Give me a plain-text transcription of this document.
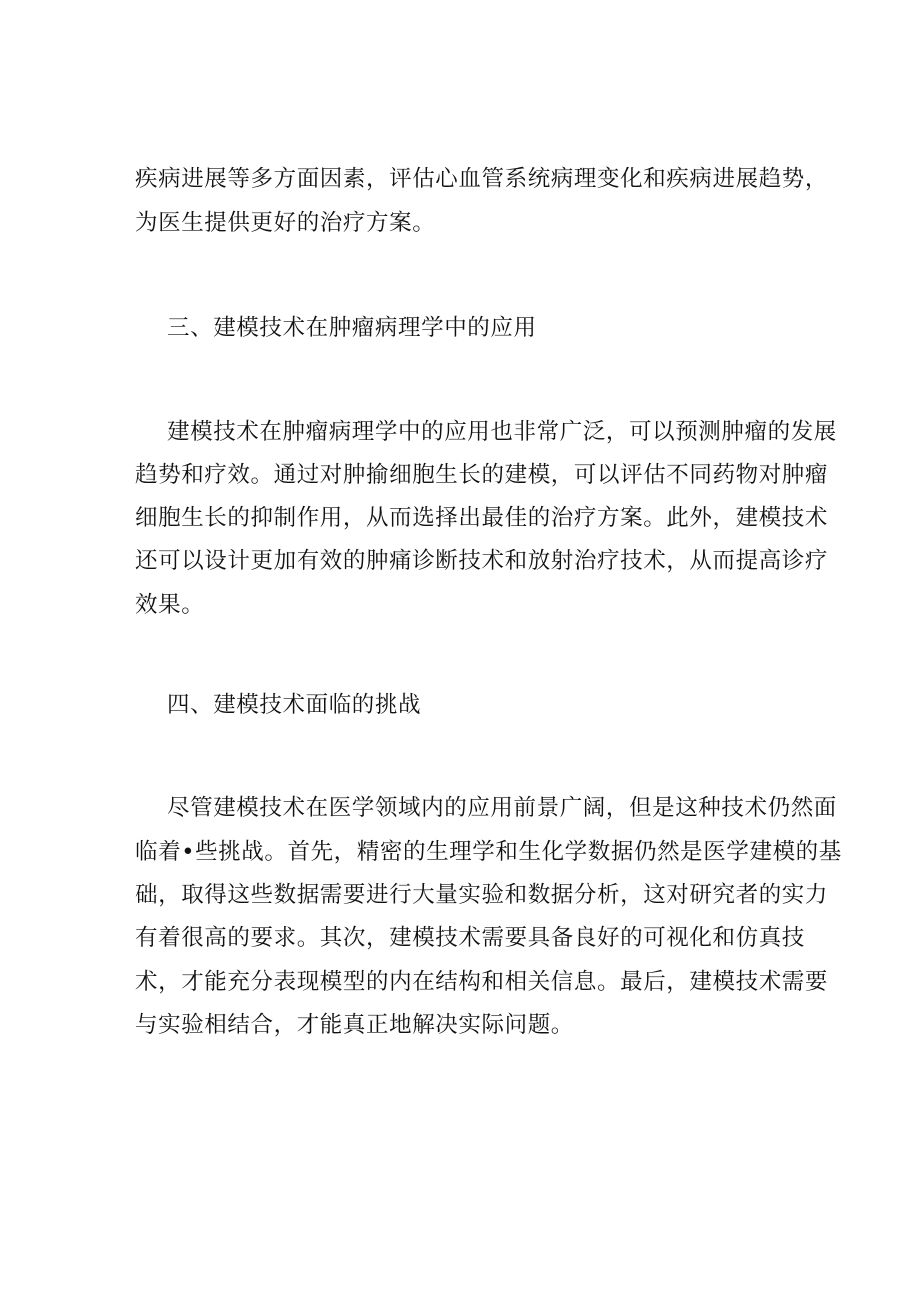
疾病进展等多方面因素，评估心血管系统病理变化和疾病进展趋势，
为医生提供更好的治疗方案。
三、建模技术在肿瘤病理学中的应用
建模技术在肿瘤病理学中的应用也非常广泛，可以预测肿瘤的发展
趋势和疗效。通过对肿揄细胞生长的建模，可以评估不同药物对肿瘤
细胞生长的抑制作用，从而选择出最佳的治疗方案。此外，建模技术
还可以设计更加有效的肿痛诊断技术和放射治疗技术，从而提高诊疗
效果。
四、建模技术面临的挑战
尽管建模技术在医学领域内的应用前景广阔，但是这种技术仍然面
临着•些挑战。首先，精密的生理学和生化学数据仍然是医学建模的基
础，取得这些数据需要进行大量实验和数据分析，这对研究者的实力
有着很高的要求。其次，建模技术需要具备良好的可视化和仿真技
术，才能充分表现模型的内在结构和相关信息。最后，建模技术需要
与实验相结合，才能真正地解决实际问题。
